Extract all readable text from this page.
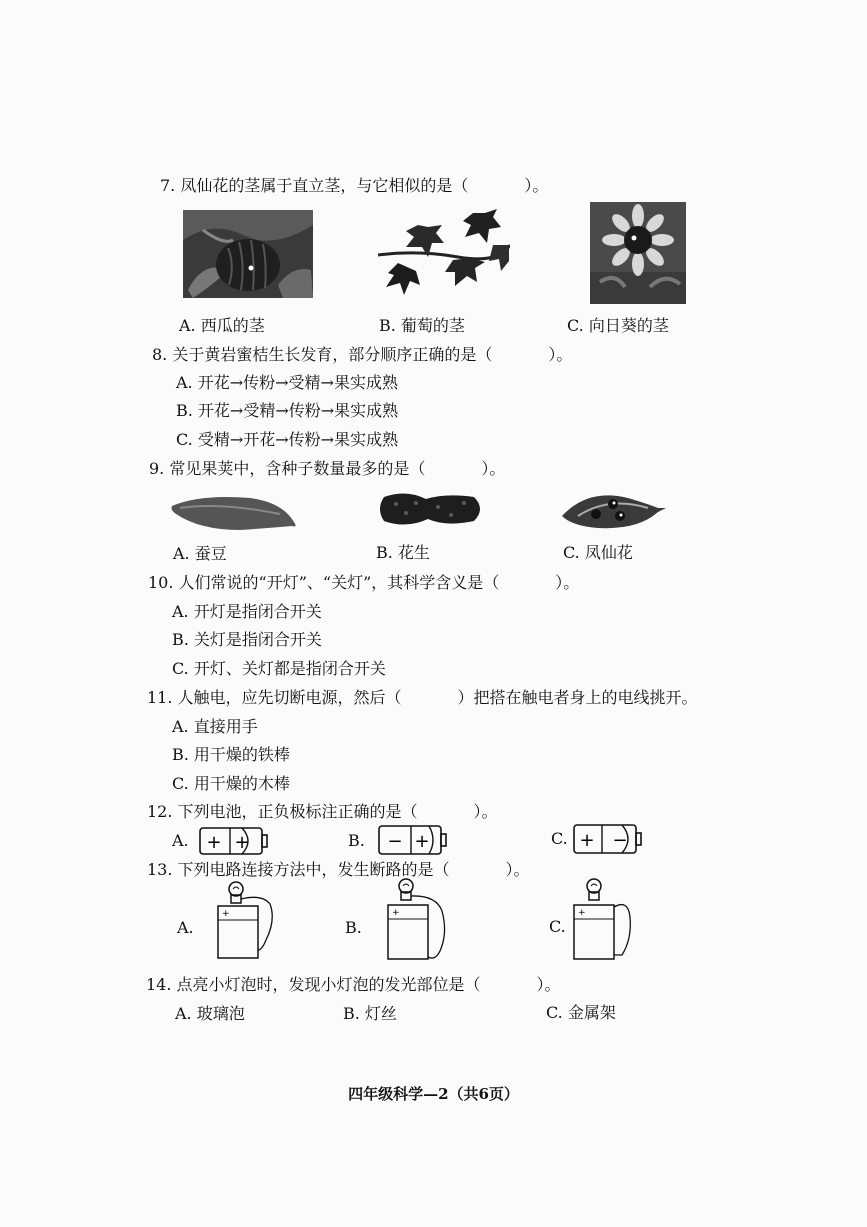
7. 凤仙花的茎属于直立茎，与它相似的是（	）。
A. 西瓜的茎	B. 葡萄的茎	C. 向日葵的茎
8. 关于黄岩蜜桔生长发育，部分顺序正确的是（	）。
A. 开花→传粉→受精→果实成熟
B. 开花→受精→传粉→果实成熟
C. 受精→开花→传粉→果实成熟
9. 常见果荚中，含种子数量最多的是（	）。
A. 蚕豆	B. 花生	C. 凤仙花
10. 人们常说的“开灯”、“关灯”，其科学含义是（	）。
A. 开灯是指闭合开关
B. 关灯是指闭合开关
C. 开灯、关灯都是指闭合开关
11. 人触电，应先切断电源，然后（	）把搭在触电者身上的电线挑开。
A. 直接用手
B. 用干燥的铁棒
C. 用干燥的木棒
12. 下列电池，正负极标注正确的是（	）。
A. + +	B. − +	C. + −
13. 下列电路连接方法中，发生断路的是（	）。
A.
+
B.
+
C.
+
14. 点亮小灯泡时，发现小灯泡的发光部位是（	）。
A. 玻璃泡	B. 灯丝	C. 金属架
四年级科学—2（共6页）
